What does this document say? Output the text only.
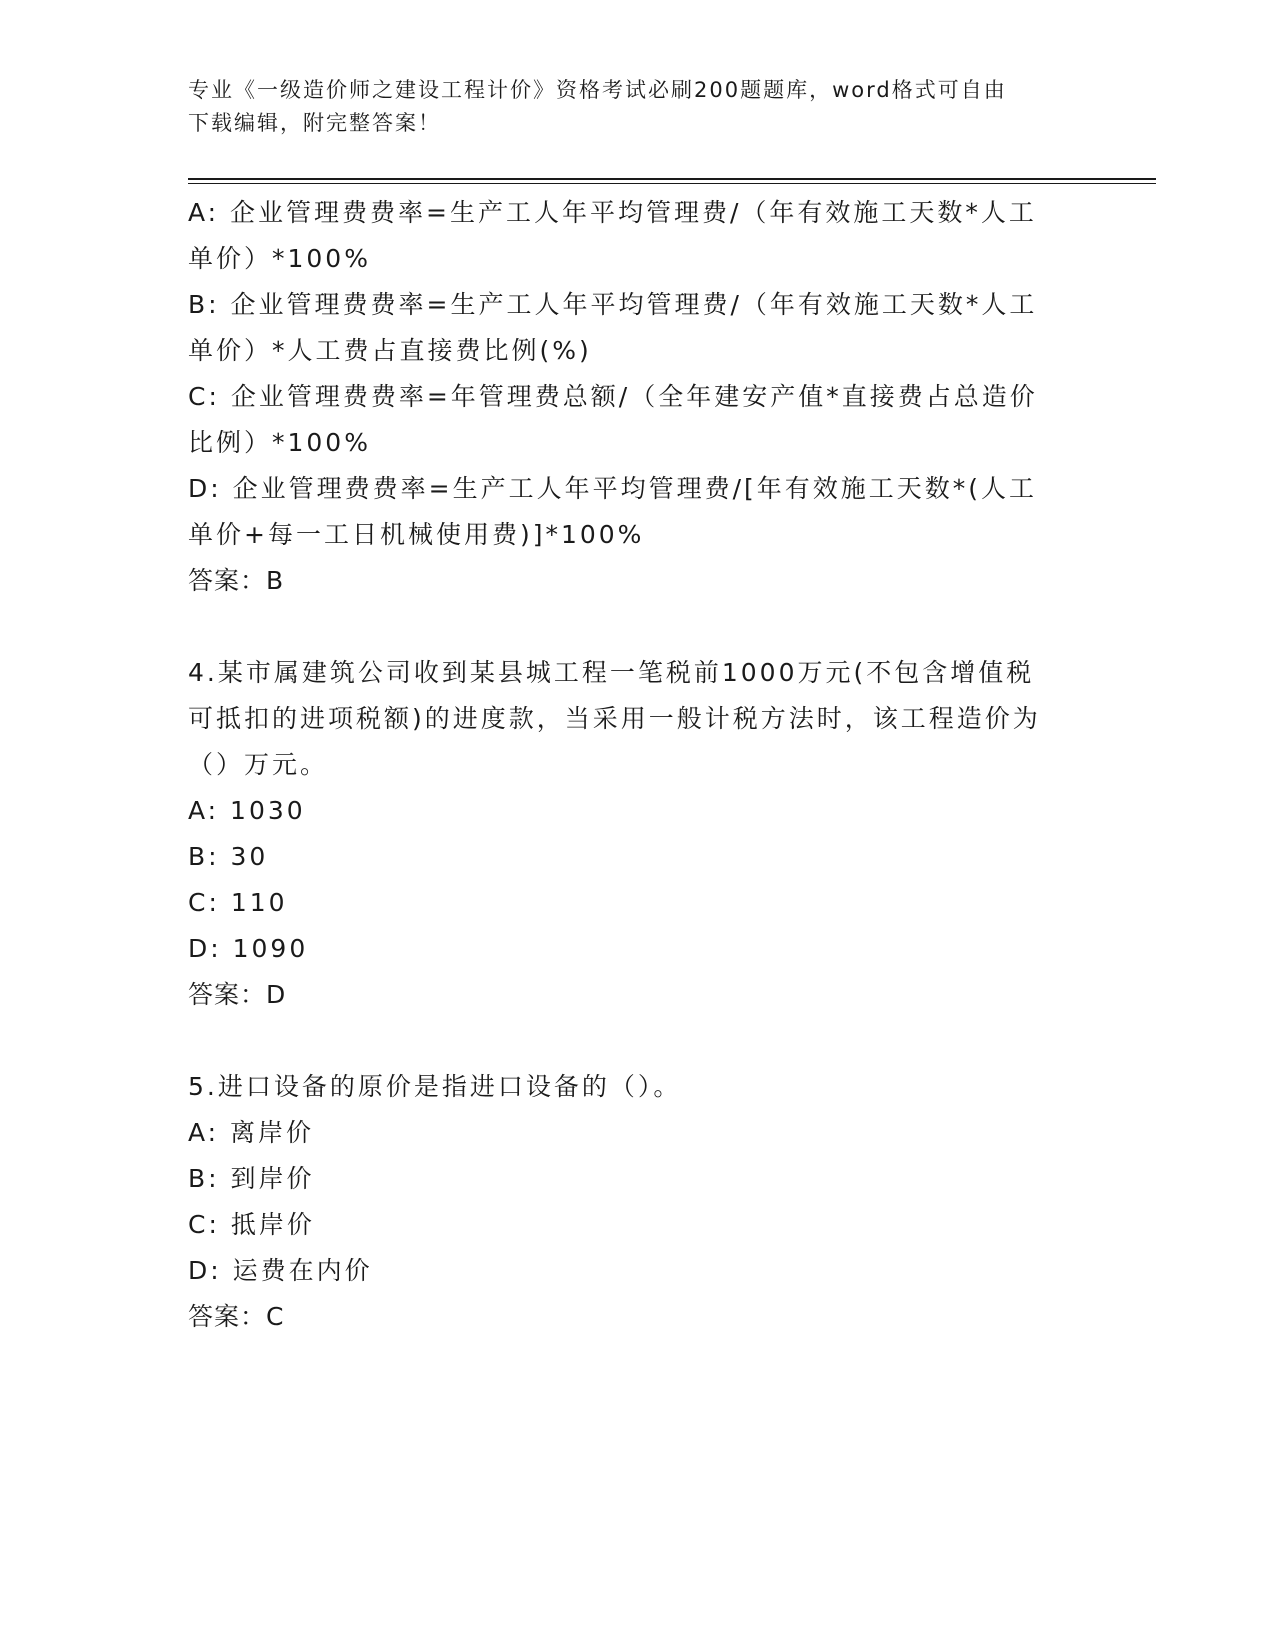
专业《一级造价师之建设工程计价》资格考试必刷200题题库，word格式可自由
下载编辑，附完整答案！
A: 企业管理费费率=生产工人年平均管理费/（年有效施工天数*人工
单价）*100%
B: 企业管理费费率=生产工人年平均管理费/（年有效施工天数*人工
单价）*人工费占直接费比例(%)
C: 企业管理费费率=年管理费总额/（全年建安产值*直接费占总造价
比例）*100%
D: 企业管理费费率=生产工人年平均管理费/[年有效施工天数*(人工
单价+每一工日机械使用费)]*100%
答案：B
4.某市属建筑公司收到某县城工程一笔税前1000万元(不包含增值税
可抵扣的进项税额)的进度款，当采用一般计税方法时，该工程造价为
（）万元。
A: 1030
B: 30
C: 110
D: 1090
答案：D
5.进口设备的原价是指进口设备的（）。
A: 离岸价
B: 到岸价
C: 抵岸价
D: 运费在内价
答案：C
